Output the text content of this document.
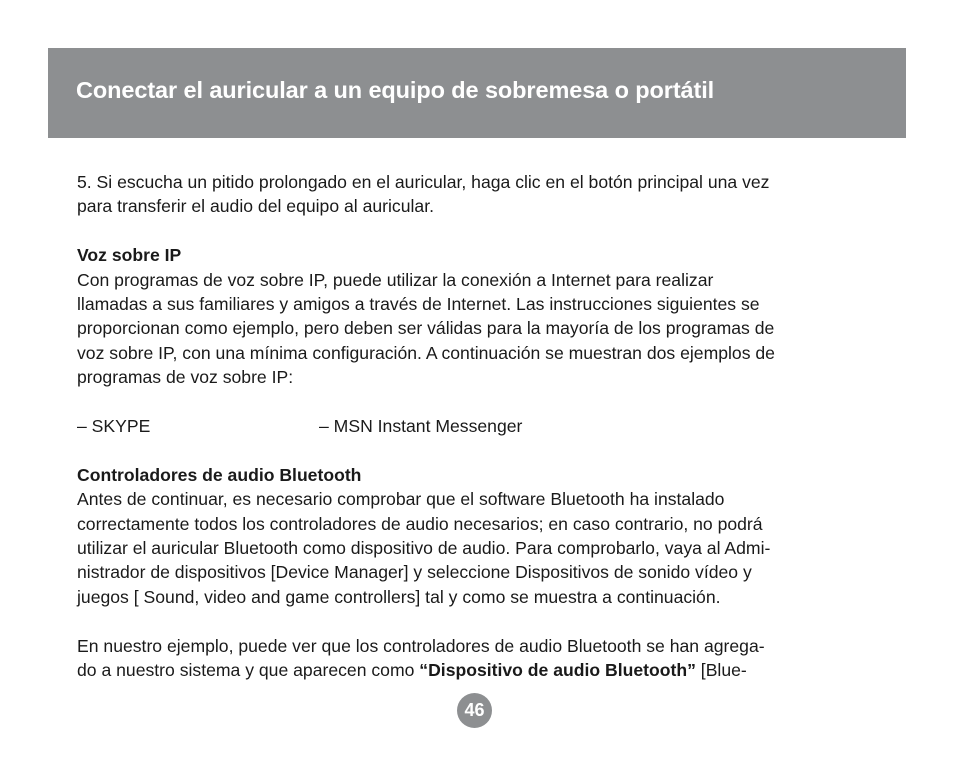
Conectar el auricular a un equipo de sobremesa o portátil

5. Si escucha un pitido prolongado en el auricular, haga clic en el botón principal una vez

para transferir el audio del equipo al auricular.

Voz sobre IP

Con programas de voz sobre IP, puede utilizar la conexión a Internet para realizar

llamadas a sus familiares y amigos a través de Internet. Las instrucciones siguientes se

proporcionan como ejemplo, pero deben ser válidas para la mayoría de los programas de

voz sobre IP, con una mínima configuración. A continuación se muestran dos ejemplos de

programas de voz sobre IP:

– SKYPE	– MSN Instant Messenger

Controladores de audio Bluetooth

Antes de continuar, es necesario comprobar que el software Bluetooth ha instalado

correctamente todos los controladores de audio necesarios; en caso contrario, no podrá

utilizar el auricular Bluetooth como dispositivo de audio. Para comprobarlo, vaya al Admi-

nistrador de dispositivos [Device Manager] y seleccione Dispositivos de sonido vídeo y

juegos [ Sound, video and game controllers] tal y como se muestra a continuación.

En nuestro ejemplo, puede ver que los controladores de audio Bluetooth se han agrega-

do a nuestro sistema y que aparecen como “Dispositivo de audio Bluetooth” [Blue-

46
